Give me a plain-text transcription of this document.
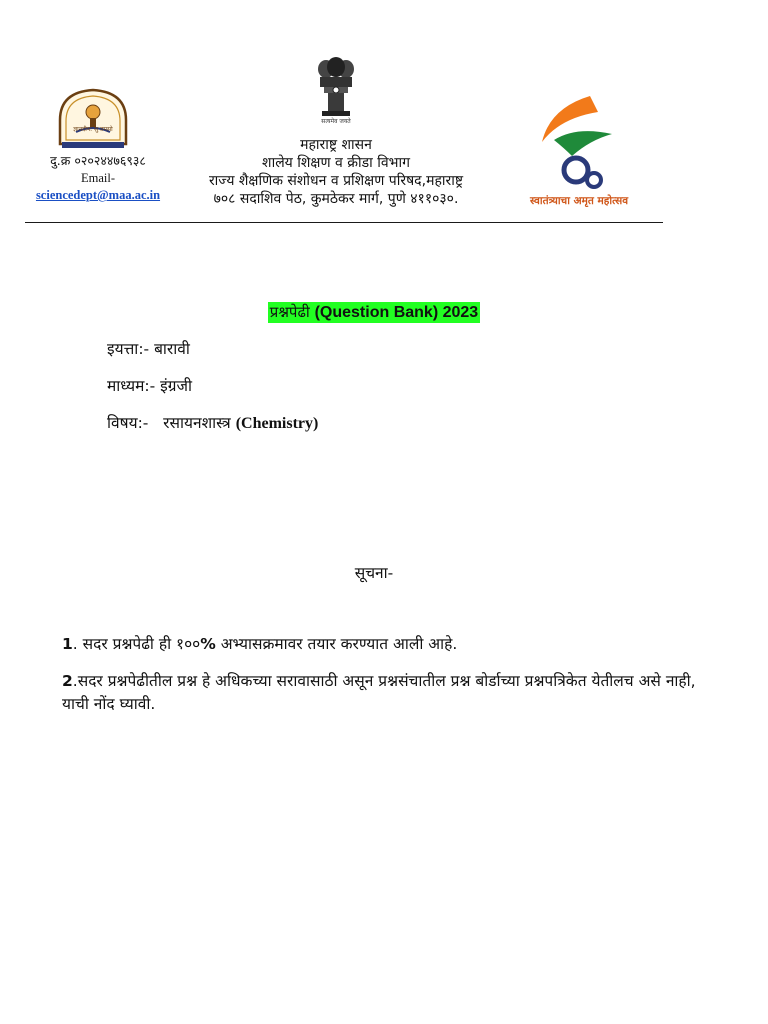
ज्ञानदीप: सु तमसो
दु.क्र ०२०२४४७६९३८
Email-
sciencedept@maa.ac.in
सत्यमेव जयते
महाराष्ट्र शासन
शालेय शिक्षण व क्रीडा विभाग
राज्य शैक्षणिक संशोधन व प्रशिक्षण परिषद,महाराष्ट्र
७०८ सदाशिव पेठ, कुमठेकर मार्ग, पुणे ४११०३०.	स्वातंत्र्याचा अमृत महोत्सव
प्रश्नपेढी (Question Bank) 2023
इयत्ता:- बारावी
माध्यम:- इंग्रजी
विषय:-   रसायनशास्त्र (Chemistry)
सूचना-
1. सदर प्रश्नपेढी ही १००% अभ्यासक्रमावर तयार करण्यात आली आहे.
2.सदर प्रश्नपेढीतील प्रश्न हे अधिकच्या सरावासाठी असून प्रश्नसंचातील प्रश्न बोर्डाच्या प्रश्नपत्रिकेत येतीलच असे नाही, याची नोंद घ्यावी.
